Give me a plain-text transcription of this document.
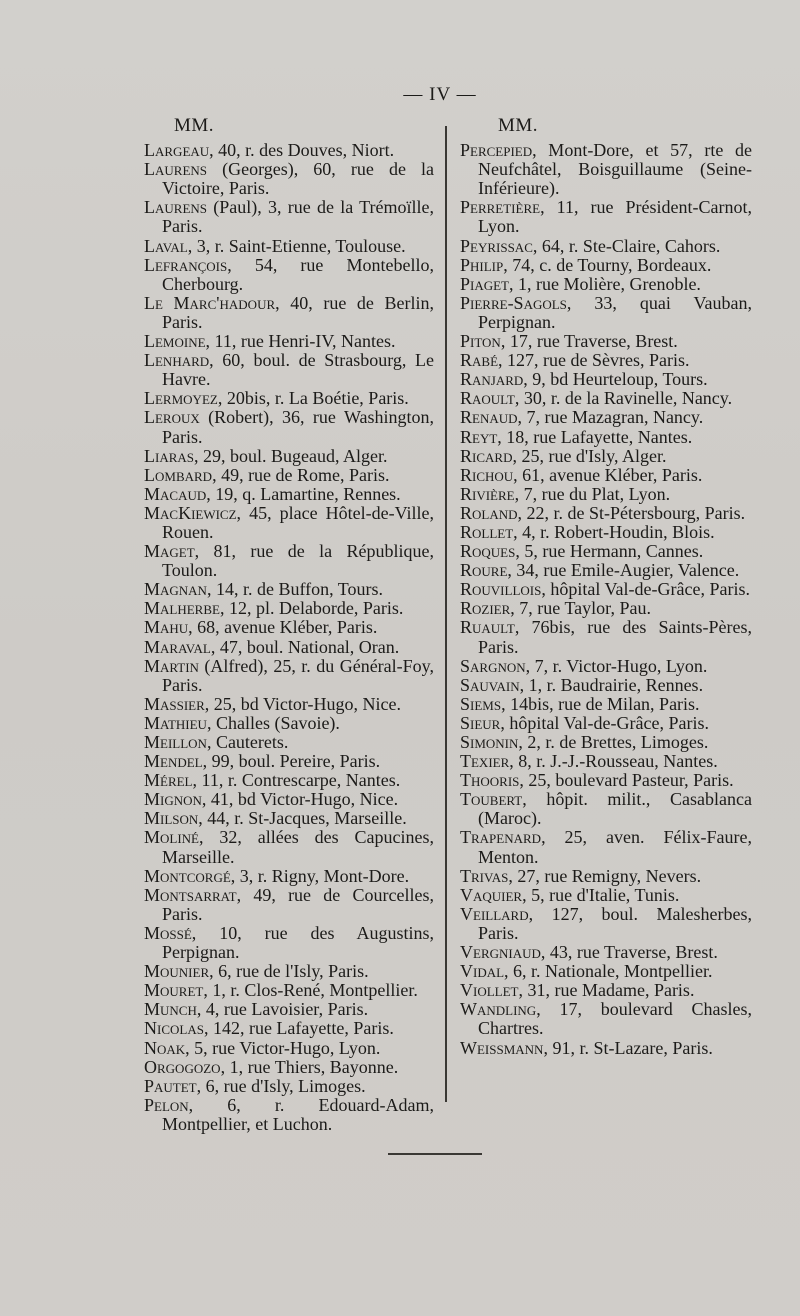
— IV —
MM.
Largeau, 40, r. des Douves, Niort.
Laurens (Georges), 60, rue de la Victoire, Paris.
Laurens (Paul), 3, rue de la Trémoïlle, Paris.
Laval, 3, r. Saint-Etienne, Toulouse.
Lefrançois, 54, rue Montebello, Cherbourg.
Le Marc'hadour, 40, rue de Berlin, Paris.
Lemoine, 11, rue Henri-IV, Nantes.
Lenhard, 60, boul. de Strasbourg, Le Havre.
Lermoyez, 20bis, r. La Boétie, Paris.
Leroux (Robert), 36, rue Washington, Paris.
Liaras, 29, boul. Bugeaud, Alger.
Lombard, 49, rue de Rome, Paris.
Macaud, 19, q. Lamartine, Rennes.
MacKiewicz, 45, place Hôtel-de-Ville, Rouen.
Maget, 81, rue de la République, Toulon.
Magnan, 14, r. de Buffon, Tours.
Malherbe, 12, pl. Delaborde, Paris.
Mahu, 68, avenue Kléber, Paris.
Maraval, 47, boul. National, Oran.
Martin (Alfred), 25, r. du Général-Foy, Paris.
Massier, 25, bd Victor-Hugo, Nice.
Mathieu, Challes (Savoie).
Meillon, Cauterets.
Mendel, 99, boul. Pereire, Paris.
Mérel, 11, r. Contrescarpe, Nantes.
Mignon, 41, bd Victor-Hugo, Nice.
Milson, 44, r. St-Jacques, Marseille.
Moliné, 32, allées des Capucines, Marseille.
Montcorgé, 3, r. Rigny, Mont-Dore.
Montsarrat, 49, rue de Courcelles, Paris.
Mossé, 10, rue des Augustins, Perpignan.
Mounier, 6, rue de l'Isly, Paris.
Mouret, 1, r. Clos-René, Montpellier.
Munch, 4, rue Lavoisier, Paris.
Nicolas, 142, rue Lafayette, Paris.
Noak, 5, rue Victor-Hugo, Lyon.
Orgogozo, 1, rue Thiers, Bayonne.
Pautet, 6, rue d'Isly, Limoges.
Pelon, 6, r. Edouard-Adam, Montpellier, et Luchon.
MM.
Percepied, Mont-Dore, et 57, rte de Neufchâtel, Boisguillaume (Seine-Inférieure).
Perretière, 11, rue Président-Carnot, Lyon.
Peyrissac, 64, r. Ste-Claire, Cahors.
Philip, 74, c. de Tourny, Bordeaux.
Piaget, 1, rue Molière, Grenoble.
Pierre-Sagols, 33, quai Vauban, Perpignan.
Piton, 17, rue Traverse, Brest.
Rabé, 127, rue de Sèvres, Paris.
Ranjard, 9, bd Heurteloup, Tours.
Raoult, 30, r. de la Ravinelle, Nancy.
Renaud, 7, rue Mazagran, Nancy.
Reyt, 18, rue Lafayette, Nantes.
Ricard, 25, rue d'Isly, Alger.
Richou, 61, avenue Kléber, Paris.
Rivière, 7, rue du Plat, Lyon.
Roland, 22, r. de St-Pétersbourg, Paris.
Rollet, 4, r. Robert-Houdin, Blois.
Roques, 5, rue Hermann, Cannes.
Roure, 34, rue Emile-Augier, Valence.
Rouvillois, hôpital Val-de-Grâce, Paris.
Rozier, 7, rue Taylor, Pau.
Ruault, 76bis, rue des Saints-Pères, Paris.
Sargnon, 7, r. Victor-Hugo, Lyon.
Sauvain, 1, r. Baudrairie, Rennes.
Siems, 14bis, rue de Milan, Paris.
Sieur, hôpital Val-de-Grâce, Paris.
Simonin, 2, r. de Brettes, Limoges.
Texier, 8, r. J.-J.-Rousseau, Nantes.
Thooris, 25, boulevard Pasteur, Paris.
Toubert, hôpit. milit., Casablanca (Maroc).
Trapenard, 25, aven. Félix-Faure, Menton.
Trivas, 27, rue Remigny, Nevers.
Vaquier, 5, rue d'Italie, Tunis.
Veillard, 127, boul. Malesherbes, Paris.
Vergniaud, 43, rue Traverse, Brest.
Vidal, 6, r. Nationale, Montpellier.
Viollet, 31, rue Madame, Paris.
Wandling, 17, boulevard Chasles, Chartres.
Weissmann, 91, r. St-Lazare, Paris.
